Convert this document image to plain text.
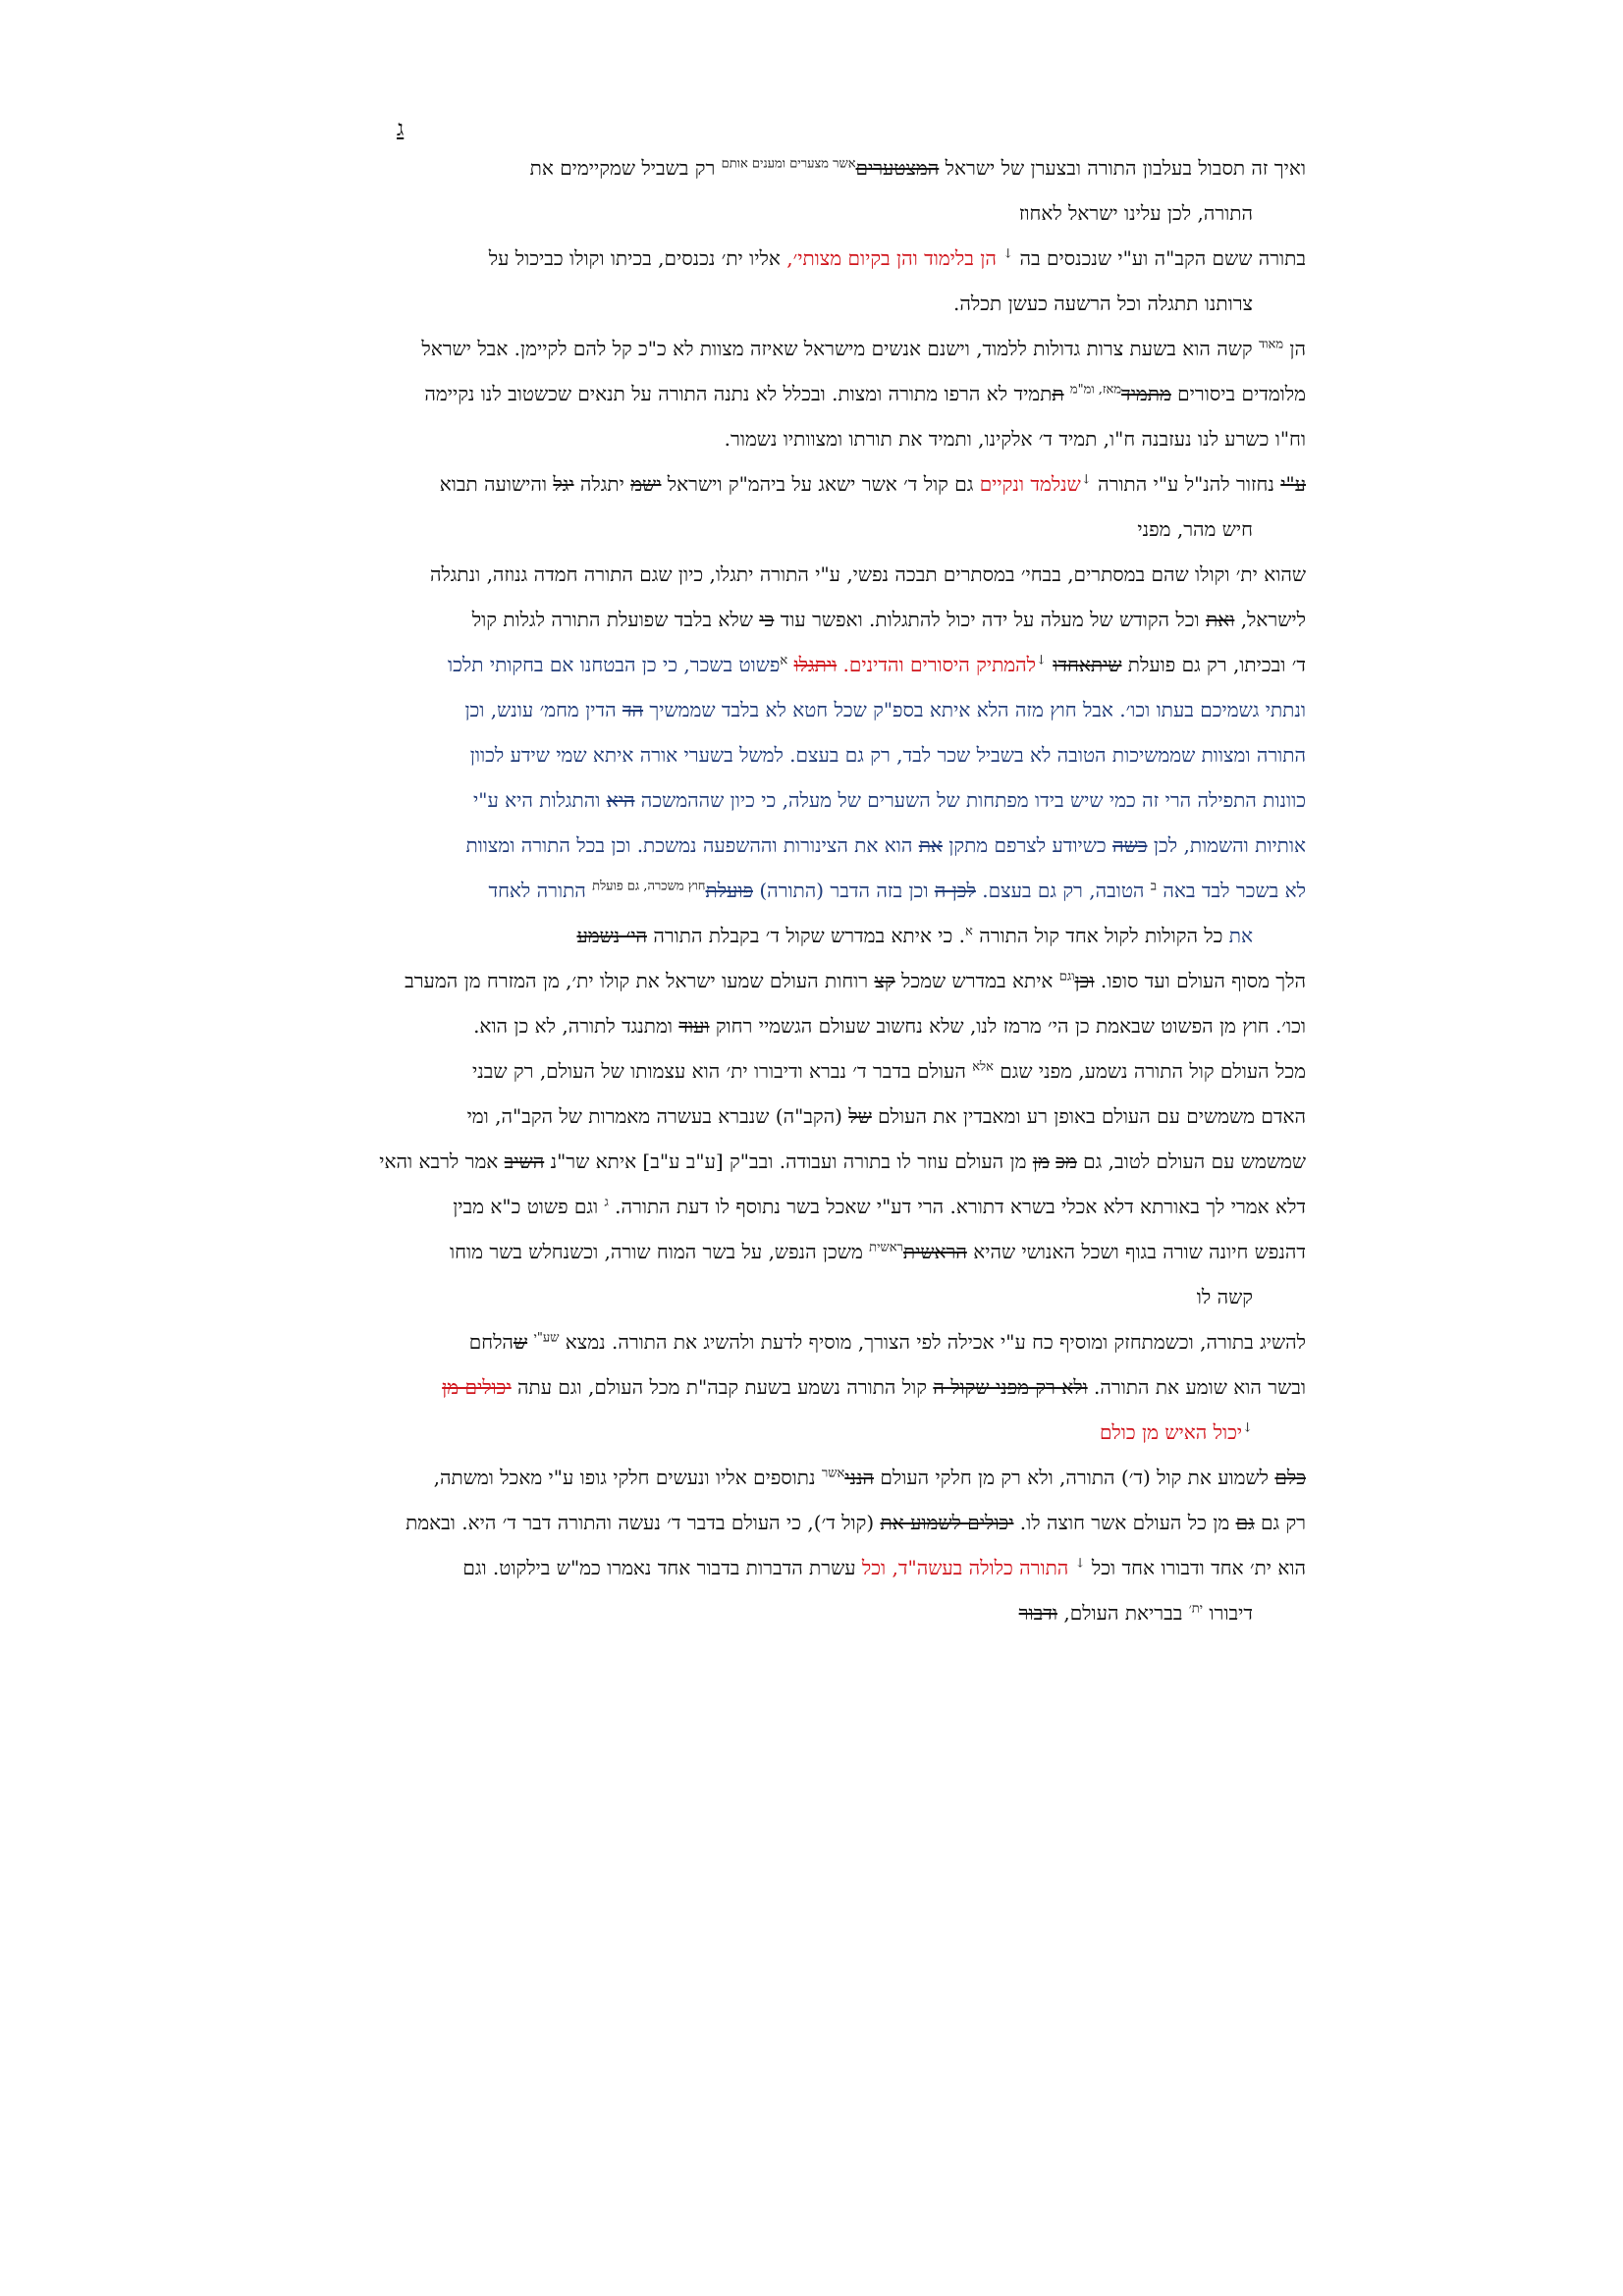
ג
ואיך זה תסבול בעלבון התורה ובצערן של ישראל המצטערים$^{אשר מצערים ומענים אותם}$ רק בשביל שמקיימים את
התורה, לכן עלינו ישראל לאחוז
בתורה ששם הקב"ה וע"י שנכנסים בה ↓ הן בלימוד והן בקיום מצותי׳, אליו ית׳ נכנסים, בכיתו וקולו כביכול על
צרותנו תתגלה וכל הרשעה כעשן תכלה.
הן $^{מאוד}$ קשה הוא בשעת צרות גדולות ללמוד, וישנם אנשים מישראל שאיזה מצוות לא כ"כ קל להם לקיימן. אבל ישראל
מלומדים ביסורים מתמיד$^{מאז, ומ"מ}$ תתמיד לא הרפו מתורה ומצות. ובכלל לא נתנה התורה על תנאים שכשטוב לנו נקיימה
וח"ו כשרע לנו נעזבנה ח"ו, תמיד ד׳ אלקינו, ותמיד את תורתו ומצוותיו נשמור.
ע"י נחזור להנ"ל ע"י התורה ↓שנלמד ונקיים גם קול ד׳ אשר ישאג על ביהמ"ק וישראל ישמ יתגלה יגל והישועה תבוא
חיש מהר, מפני
שהוא ית׳ וקולו שהם במסתרים, בבחי׳ במסתרים תבכה נפשי, ע"י התורה יתגלו, כיון שגם התורה חמדה גנוזה, ונתגלה
לישראל, ואת וכל הקודש של מעלה על ידה יכול להתגלות. ואפשר עוד כי שלא בלבד שפועלת התורה לגלות קול
ד׳ ובכיתו, רק גם פועלת שיתאחדו ↓להמתיק היסורים והדינים. ויתגלו $^א$פשוט בשכר, כי כן הבטחנו אם בחקותי תלכו
ונתתי גשמיכם בעתו וכו׳. אבל חוץ מזה הלא איתא בספ"ק שכל חטא לא בלבד שממשיך הד הדין מחמ׳ עונש, וכן
התורה ומצוות שממשיכות הטובה לא בשביל שכר לבד, רק גם בעצם. למשל בשערי אורה איתא שמי שידע לכוון
כוונות התפילה הרי זה כמי שיש בידו מפתחות של השערים של מעלה, כי כיון שההמשכה היא והתגלות היא ע"י
אותיות והשמות, לכן כשה כשיודע לצרפם מתקן את הוא את הצינורות וההשפעה נמשכת. וכן בכל התורה ומצוות
לא בשכר לבד באה $^ב$ הטובה, רק גם בעצם. לכן ה וכן בזה הדבר (התורה) פועלת$^{חוץ משכרה, גם פועלת}$ התורה לאחד
את כל הקולות לקול אחד קול התורה $^א$. כי איתא במדרש שקול ד׳ בקבלת התורה הי׳ נשמע
הלך מסוף העולם ועד סופו. וכן$^{וגם}$ איתא במדרש שמכל קצ רוחות העולם שמעו ישראל את קולו ית׳, מן המזרח מן המערב
וכו׳. חוץ מן הפשוט שבאמת כן הי׳ מרמז לנו, שלא נחשוב שעולם הגשמיי רחוק ועוד ומתנגד לתורה, לא כן הוא.
מכל העולם קול התורה נשמע, מפני שגם $^{אלא}$ העולם בדבר ד׳ נברא ודיבורו ית׳ הוא עצמותו של העולם, רק שבני
האדם משמשים עם העולם באופן רע ומאבדין את העולם של (הקב"ה) שנברא בעשרה מאמרות של הקב"ה, ומי
שמשמש עם העולם לטוב, גם מכ מן מן העולם עוזר לו בתורה ועבודה. ובב"ק [ע"ב ע"ב] איתא שר"נ השיב אמר לרבא והאי
דלא אמרי לך באורתא דלא אכלי בשרא דתורא. הרי דע"י שאכל בשר נתוסף לו דעת התורה. $^ג$ וגם פשוט כ"א מבין
דהנפש חיונה שורה בגוף ושכל האנושי שהיא הראשית$^{ראשית}$ משכן הנפש, על בשר המוח שורה, וכשנחלש בשר מוחו
קשה לו
להשיג בתורה, וכשמתחזק ומוסיף כח ע"י אכילה לפי הצורך, מוסיף לדעת ולהשיג את התורה. נמצא $^{שע"י}$ שהלחם
ובשר הוא שומע את התורה. ולא רק מפני שקול ה קול התורה נשמע בשעת קבה"ת מכל העולם, וגם עתה יכולים מן
↓יכול האיש מן כולם
כלם לשמוע את קול (ד׳) התורה, ולא רק מן חלקי העולם הנני$^{אשר}$ נתוספים אליו ונעשים חלקי גופו ע"י מאכל ומשתה,
רק גם גם מן כל העולם אשר חוצה לו. יכולים לשמוע את (קול ד׳), כי העולם בדבר ד׳ נעשה והתורה דבר ד׳ היא. ובאמת
הוא ית׳ אחד ודבורו אחד וכל ↓ התורה כלולה בעשה"ד, וכל עשרת הדברות בדבור אחד נאמרו כמ"ש בילקוט. וגם
דיבורו $^{ית׳}$ בבריאת העולם, ודבור
